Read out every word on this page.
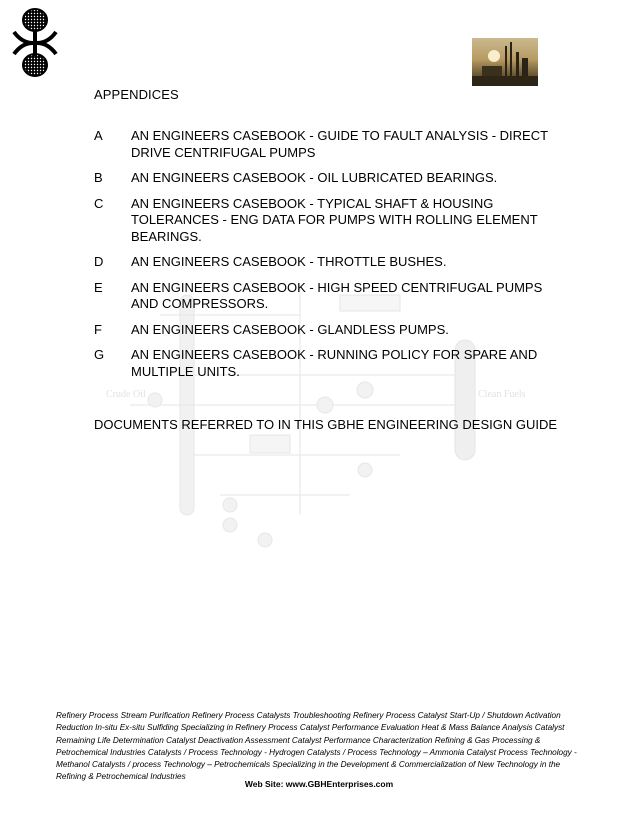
Crude Oil	Clean Fuels
APPENDICES
A	AN ENGINEERS CASEBOOK - GUIDE TO FAULT ANALYSIS - DIRECT DRIVE CENTRIFUGAL PUMPS
B	AN ENGINEERS CASEBOOK - OIL LUBRICATED BEARINGS.
C	AN ENGINEERS CASEBOOK - TYPICAL SHAFT & HOUSING TOLERANCES - ENG DATA FOR PUMPS WITH ROLLING ELEMENT BEARINGS.
D	AN ENGINEERS CASEBOOK - THROTTLE BUSHES.
E	AN ENGINEERS CASEBOOK - HIGH SPEED CENTRIFUGAL PUMPS AND COMPRESSORS.
F	AN ENGINEERS CASEBOOK - GLANDLESS PUMPS.
G	AN ENGINEERS CASEBOOK - RUNNING POLICY FOR SPARE AND MULTIPLE UNITS.
DOCUMENTS REFERRED TO IN THIS GBHE ENGINEERING DESIGN GUIDE
Refinery Process Stream Purification Refinery Process Catalysts Troubleshooting Refinery Process Catalyst Start-Up / Shutdown Activation Reduction In-situ Ex-situ Sulfiding Specializing in Refinery Process Catalyst Performance Evaluation Heat & Mass Balance Analysis Catalyst Remaining Life Determination Catalyst Deactivation Assessment Catalyst Performance Characterization Refining & Gas Processing & Petrochemical Industries Catalysts / Process Technology - Hydrogen Catalysts / Process Technology – Ammonia Catalyst Process Technology - Methanol Catalysts / process Technology – Petrochemicals Specializing in the Development & Commercialization of New Technology in the Refining & Petrochemical Industries
Web Site: www.GBHEnterprises.com
